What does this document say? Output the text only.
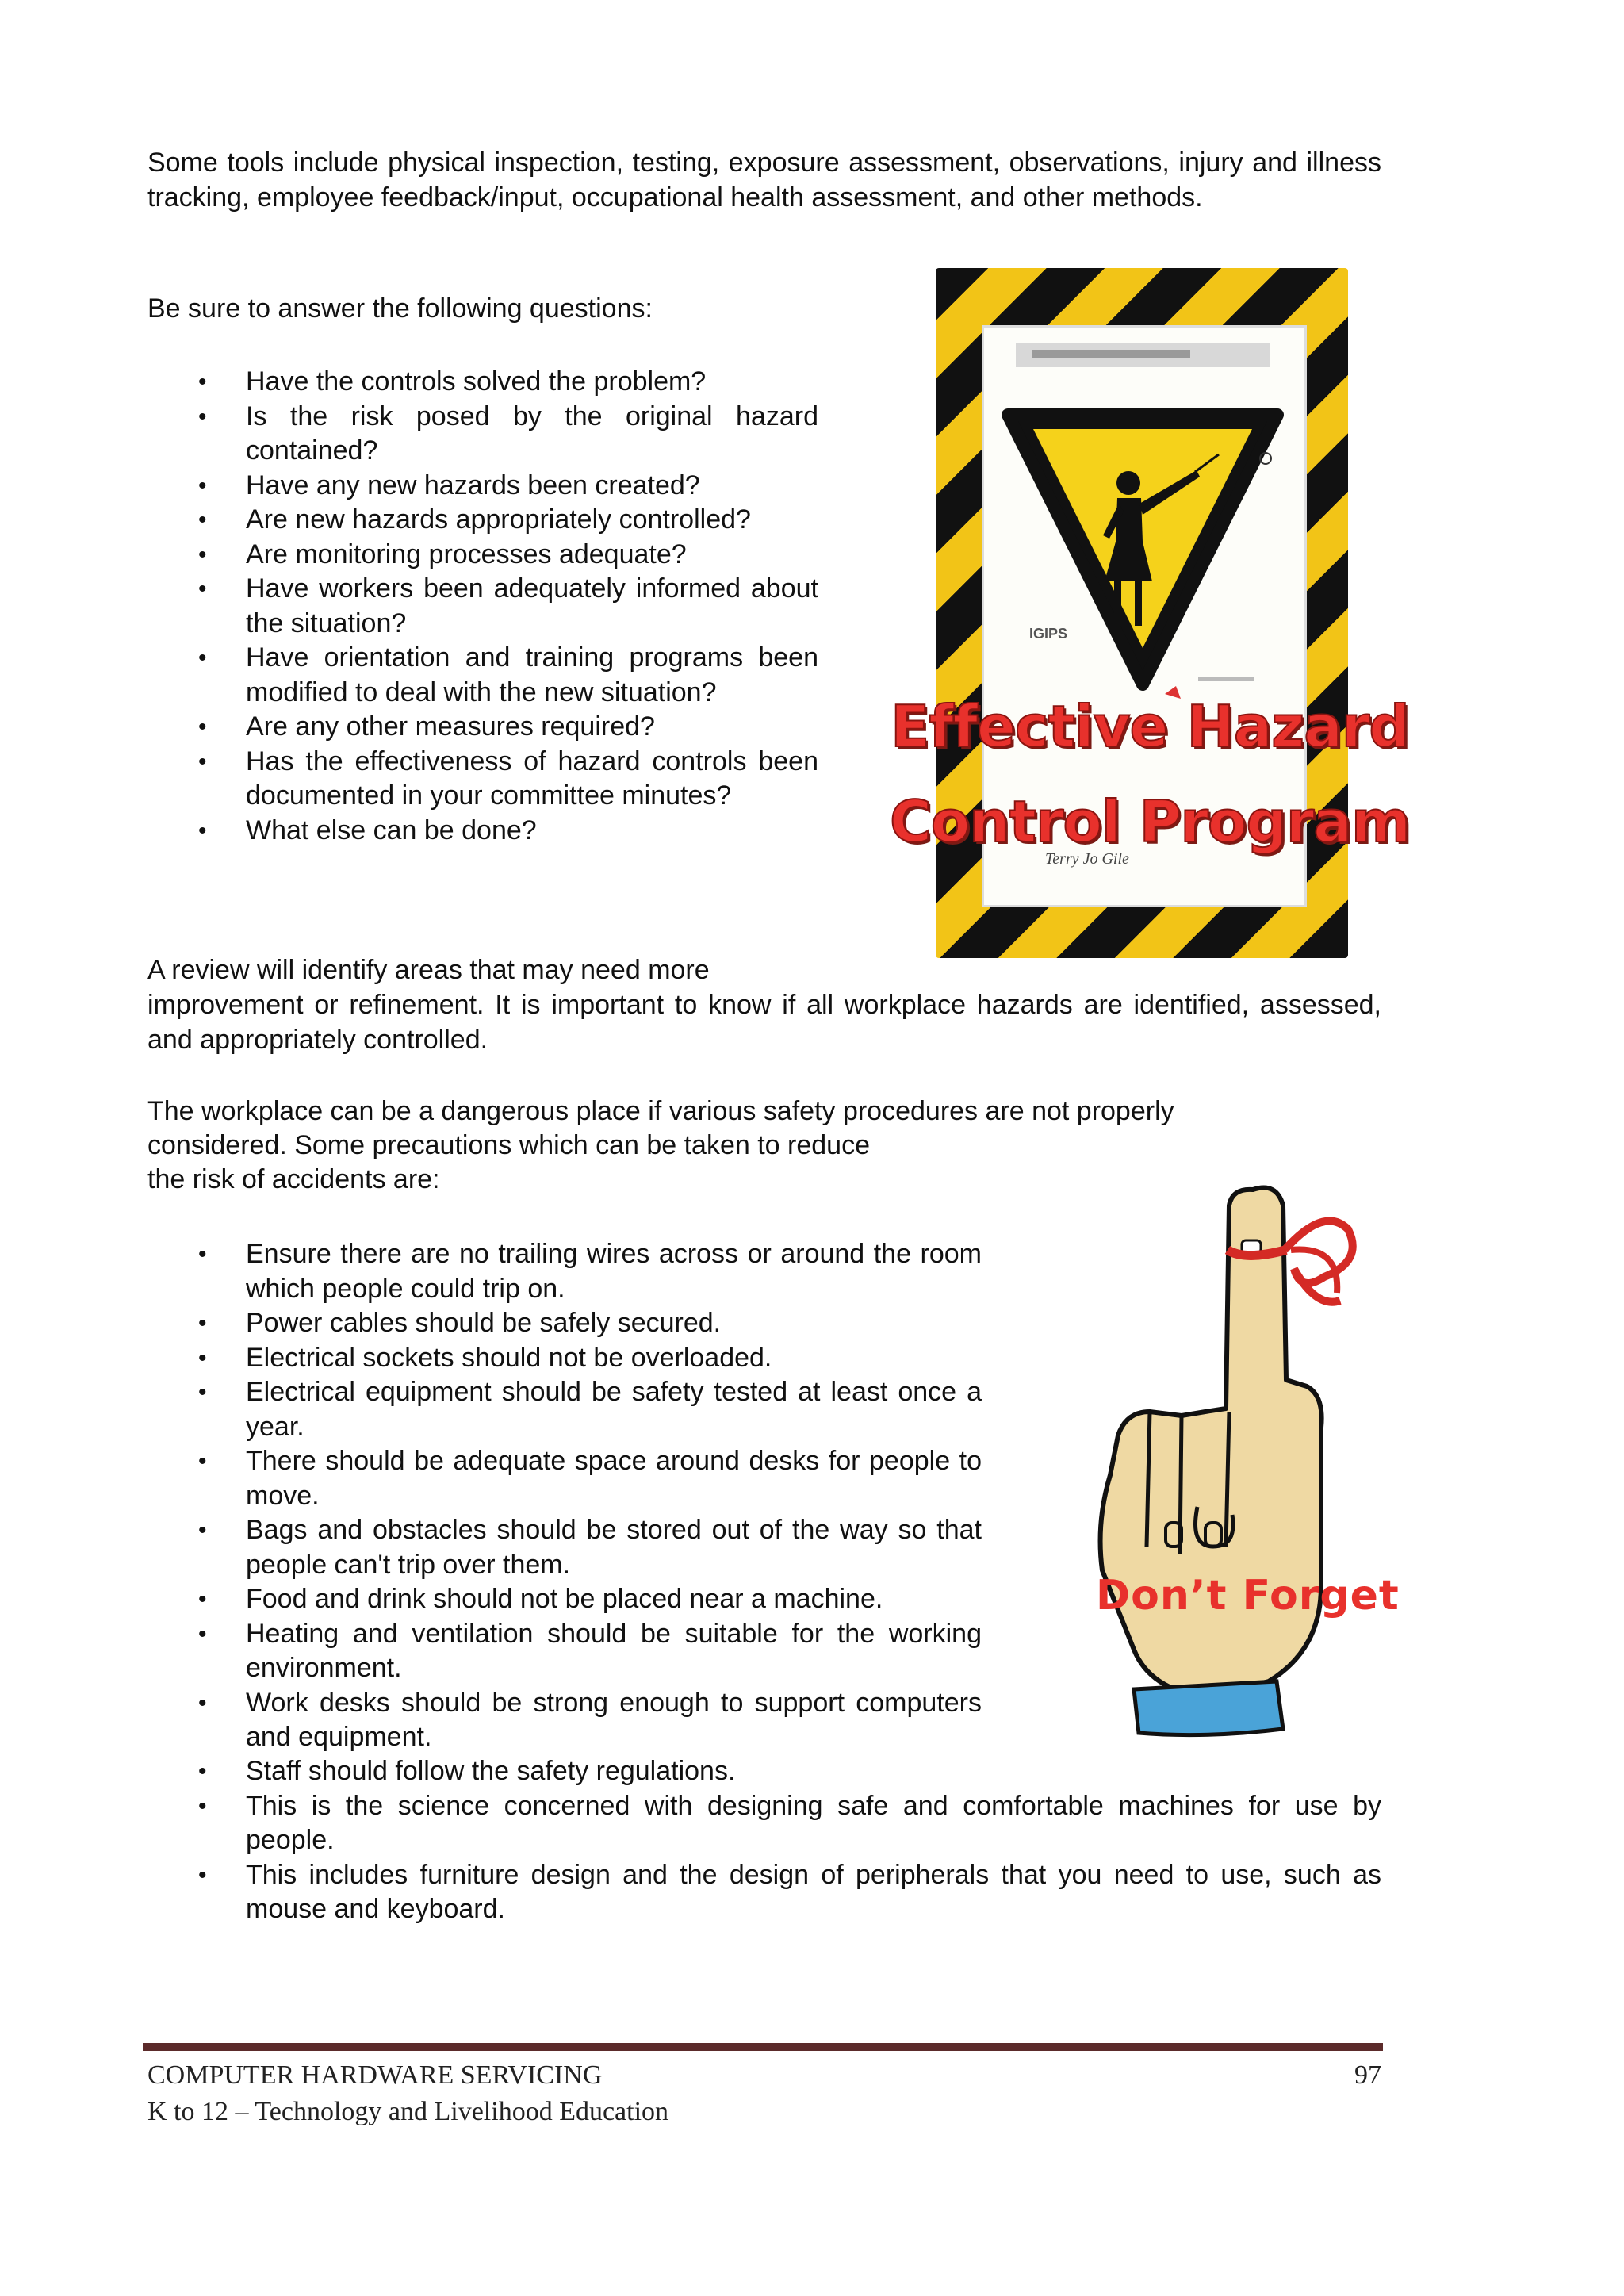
Some tools include physical inspection, testing, exposure assessment, observations, injury and illness tracking, employee feedback/input, occupational health assessment, and other methods.

Be sure to answer the following questions:

• Have the controls solved the problem?
• Is the risk posed by the original hazard contained?
• Have any new hazards been created?
• Are new hazards appropriately controlled?
• Are monitoring processes adequate?
• Have workers been adequately informed about the situation?
• Have orientation and training programs been modified to deal with the new situation?
• Are any other measures required?
• Has the effectiveness of hazard controls been documented in your committee minutes?
• What else can be done?
IGIPS
Terry Jo Gile
Effective Hazard
Control Program

A review will identify areas that may need more

improvement or refinement. It is important to know if all workplace hazards are identified, assessed, and appropriately controlled.

The workplace can be a dangerous place if various safety procedures are not properly

considered. Some precautions which can be taken to reduce

the risk of accidents are:

• Ensure there are no trailing wires across or around the room which people could trip on.
• Power cables should be safely secured.
• Electrical sockets should not be overloaded.
• Electrical equipment should be safety tested at least once a year.
• There should be adequate space around desks for people to move.
• Bags and obstacles should be stored out of the way so that people can't trip over them.
• Food and drink should not be placed near a machine.
• Heating and ventilation should be suitable for the working environment.
• Work desks should be strong enough to support computers and equipment.
• Staff should follow the safety regulations.
• This is the science concerned with designing safe and comfortable machines for use by people.
• This includes furniture design and the design of peripherals that you need to use, such as mouse and keyboard.
Don’t Forget
COMPUTER HARDWARE SERVICING	97
K to 12 – Technology and Livelihood Education
